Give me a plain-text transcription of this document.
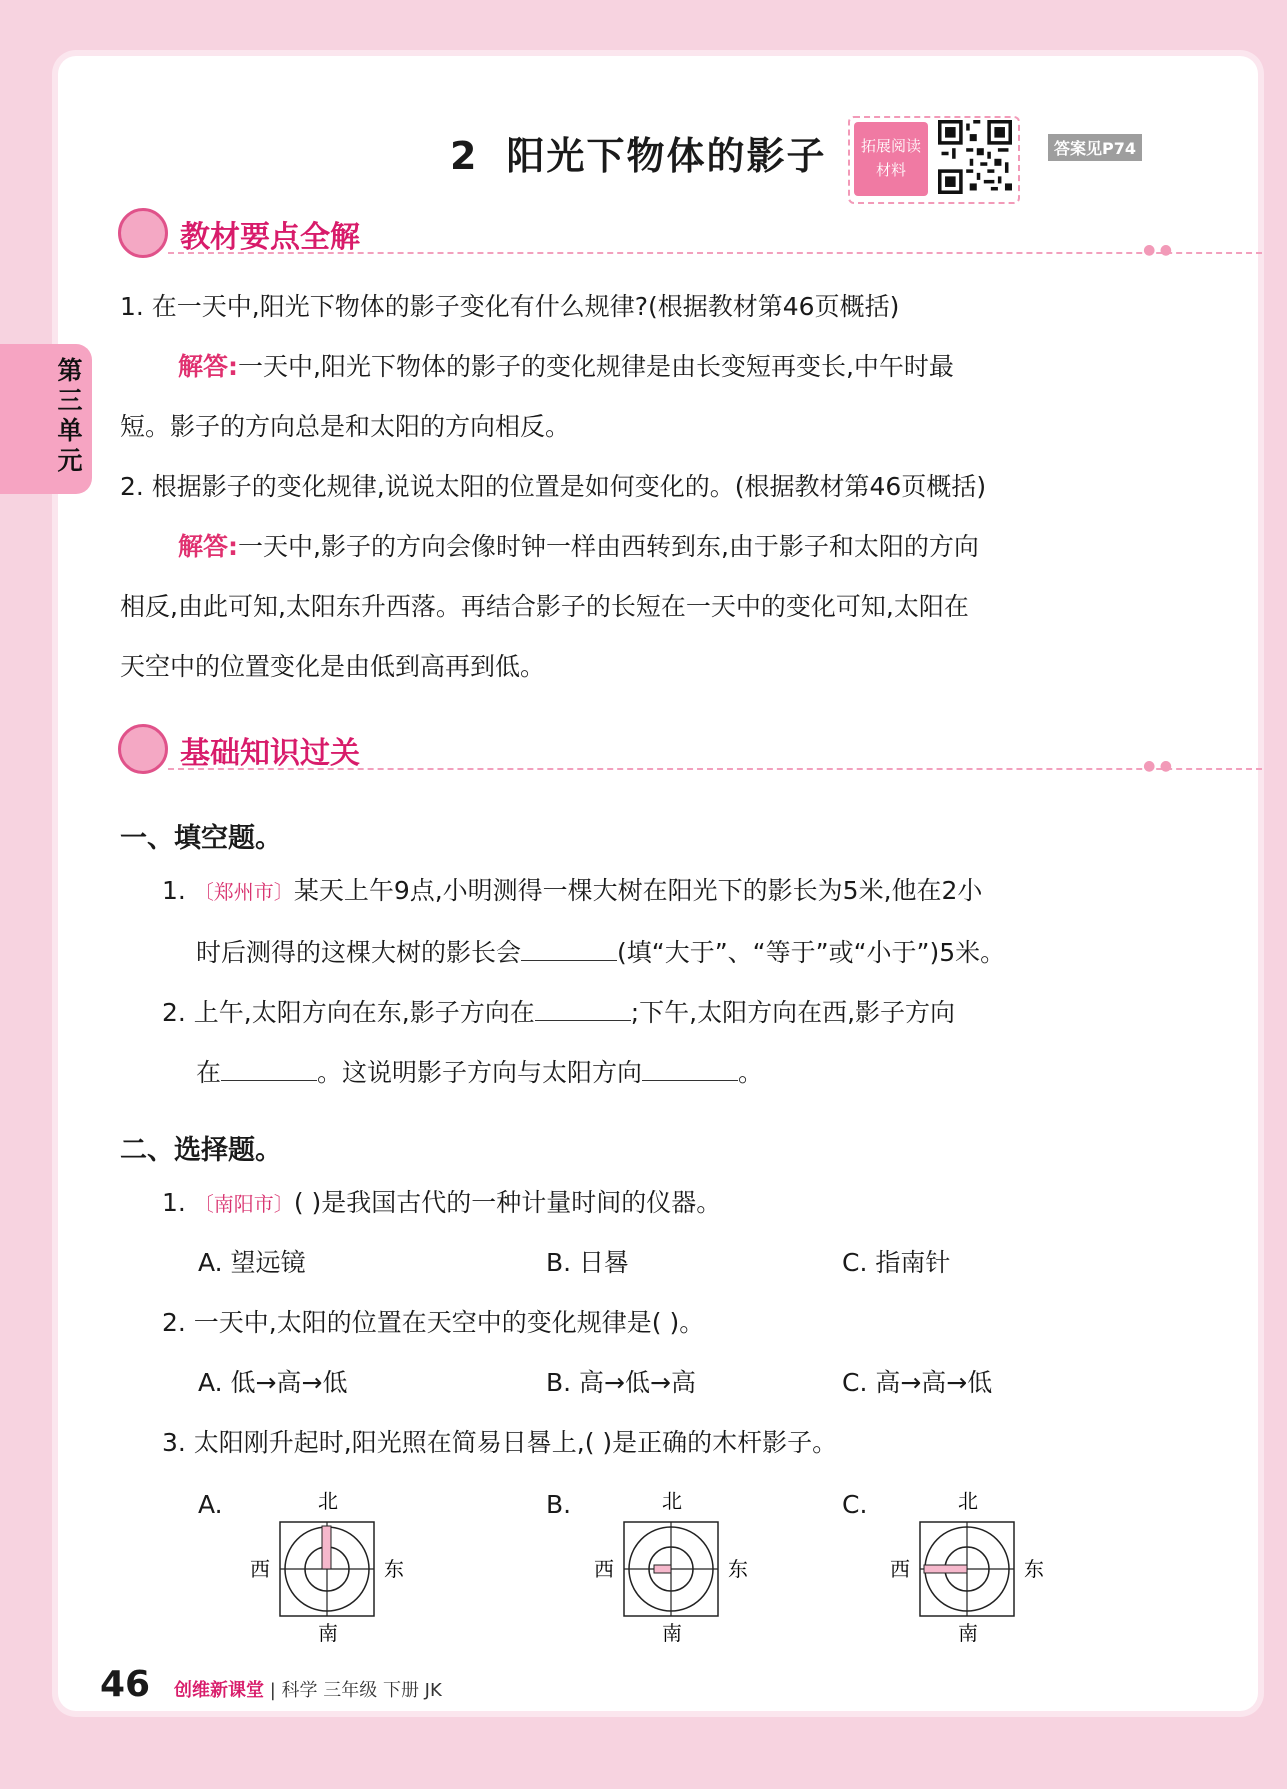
第三单元
2 阳光下物体的影子	拓展阅读
材料
答案见P74
教材要点全解	● ●
1. 在一天中,阳光下物体的影子变化有什么规律?(根据教材第46页概括)
解答:一天中,阳光下物体的影子的变化规律是由长变短再变长,中午时最
短。影子的方向总是和太阳的方向相反。
2. 根据影子的变化规律,说说太阳的位置是如何变化的。(根据教材第46页概括)
解答:一天中,影子的方向会像时钟一样由西转到东,由于影子和太阳的方向
相反,由此可知,太阳东升西落。再结合影子的长短在一天中的变化可知,太阳在
天空中的位置变化是由低到高再到低。
基础知识过关	● ●
一、填空题。
1. 〔郑州市〕某天上午9点,小明测得一棵大树在阳光下的影长为5米,他在2小
时后测得的这棵大树的影长会	(填“大于”、“等于”或“小于”)5米。
2. 上午,太阳方向在东,影子方向在	;下午,太阳方向在西,影子方向
在	。这说明影子方向与太阳方向	。
二、选择题。
1. 〔南阳市〕( )是我国古代的一种计量时间的仪器。
A. 望远镜	B. 日晷	C. 指南针
2. 一天中,太阳的位置在天空中的变化规律是( )。
A. 低→高→低	B. 高→低→高	C. 高→高→低
3. 太阳刚升起时,阳光照在简易日晷上,( )是正确的木杆影子。
A.	B.	C.
北
西	东
南
北
西	东
南
北
西	东
南
46 创维新课堂 | 科学 三年级 下册 JK
